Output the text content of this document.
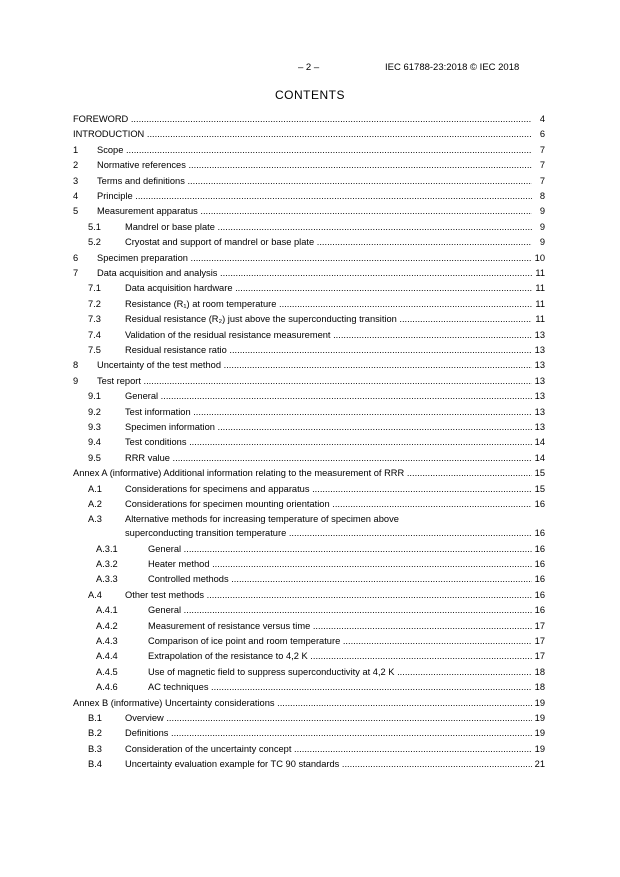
– 2 –	IEC 61788-23:2018 © IEC 2018
CONTENTS
FOREWORD .....	4
INTRODUCTION .....	6
1 Scope .....	7
2 Normative references .....	7
3 Terms and definitions .....	7
4 Principle .....	8
5 Measurement apparatus .....	9
5.1	Mandrel or base plate .....	9
5.2	Cryostat and support of mandrel or base plate .....	9
6 Specimen preparation .....	10
7 Data acquisition and analysis .....	11
7.1	Data acquisition hardware .....	11
7.2	Resistance (R₁) at room temperature .....	11
7.3	Residual resistance (R₂) just above the superconducting transition .....	11
7.4	Validation of the residual resistance measurement .....	13
7.5	Residual resistance ratio .....	13
8 Uncertainty of the test method .....	13
9 Test report .....	13
9.1	General .....	13
9.2	Test information .....	13
9.3	Specimen information .....	13
9.4	Test conditions .....	14
9.5	RRR value .....	14
Annex A (informative) Additional information relating to the measurement of RRR .....	15
A.1 Considerations for specimens and apparatus .....	15
A.2 Considerations for specimen mounting orientation .....	16
A.3 Alternative methods for increasing temperature of specimen above
superconducting transition temperature .....	16
A.3.1	General .....	16
A.3.2	Heater method .....	16
A.3.3	Controlled methods .....	16
A.4 Other test methods .....	16
A.4.1	General .....	16
A.4.2	Measurement of resistance versus time .....	17
A.4.3	Comparison of ice point and room temperature .....	17
A.4.4	Extrapolation of the resistance to 4,2 K .....	17
A.4.5	Use of magnetic field to suppress superconductivity at 4,2 K .....	18
A.4.6	AC techniques .....	18
Annex B (informative) Uncertainty considerations .....	19
B.1 Overview .....	19
B.2 Definitions .....	19
B.3 Consideration of the uncertainty concept .....	19
B.4 Uncertainty evaluation example for TC 90 standards .....	21
